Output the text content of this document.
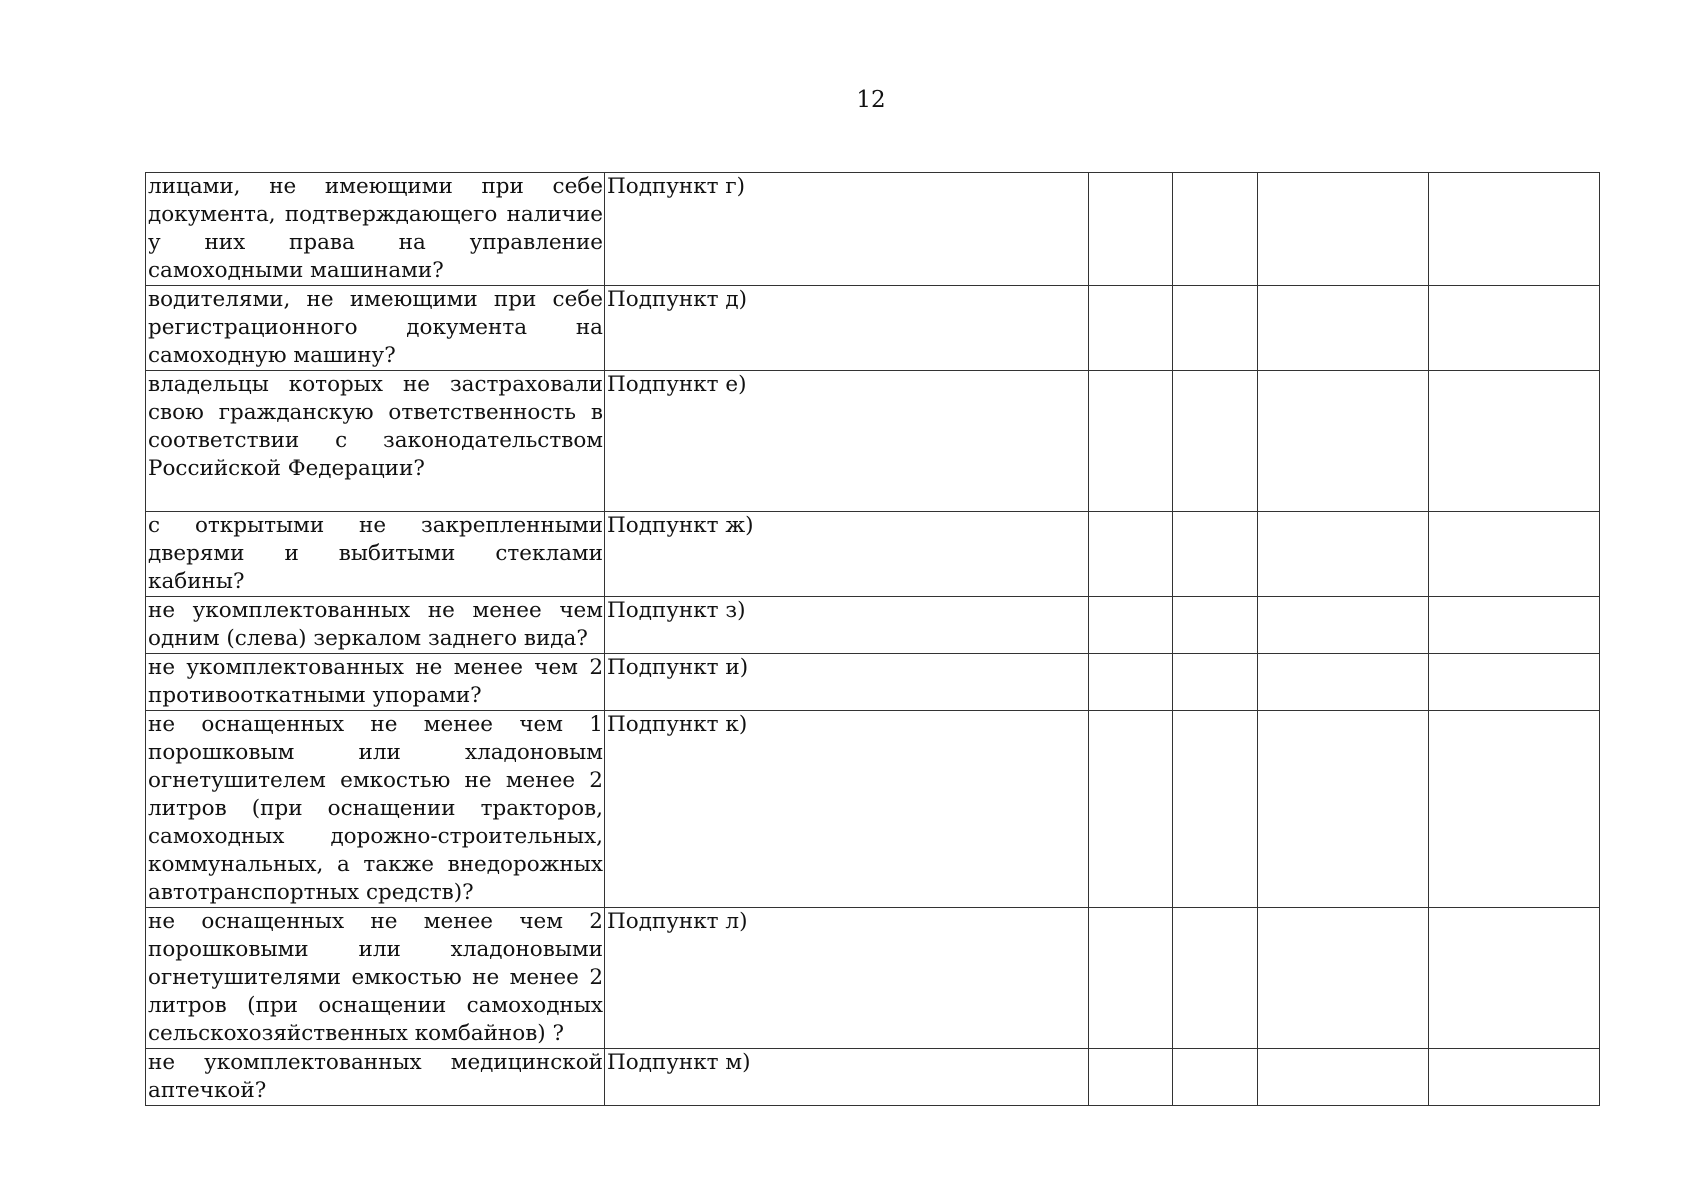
12
лицами, не имеющими при себе документа, подтверждающего наличие у них права на управление самоходными машинами?	Подпункт г)				
водителями, не имеющими при себе регистрационного документа на самоходную машину?	Подпункт д)				
владельцы которых не застраховали свою гражданскую ответственность в соответствии с законодательством Российской Федерации?	Подпункт е)				
с открытыми не закрепленными дверями и выбитыми стеклами кабины?	Подпункт ж)				
не укомплектованных не менее чем одним (слева) зеркалом заднего вида?	Подпункт з)				
не укомплектованных не менее чем 2 противооткатными упорами?	Подпункт и)				
не оснащенных не менее чем 1 порошковым или хладоновым огнетушителем емкостью не менее 2 литров (при оснащении тракторов, самоходных дорожно-строительных, коммунальных, а также внедорожных автотранспортных средств)?	Подпункт к)				
не оснащенных не менее чем 2 порошковыми или хладоновыми огнетушителями емкостью не менее 2 литров (при оснащении самоходных сельскохозяйственных комбайнов) ?	Подпункт л)				
не укомплектованных медицинской аптечкой?	Подпункт м)				
